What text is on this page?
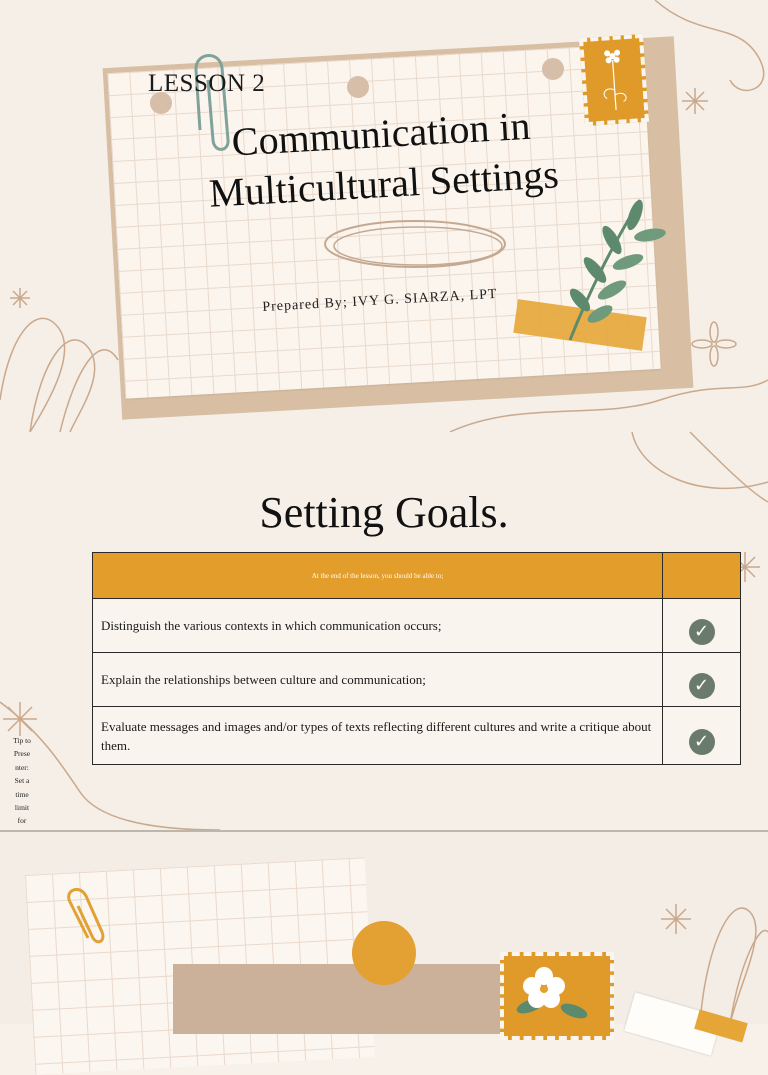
LESSON 2
Communication in
Multicultural Settings
Prepared By; IVY G. SIARZA, LPT
Setting Goals.
At the end of the lesson, you should be able to;	
Distinguish the various contexts in which communication occurs;	✓
Explain the relationships between culture and communication;	✓
Evaluate messages and images and/or types of texts reflecting different cultures and write a critique about them.	✓
Tip to
Prese
nter:
Set a
time
limit
for
